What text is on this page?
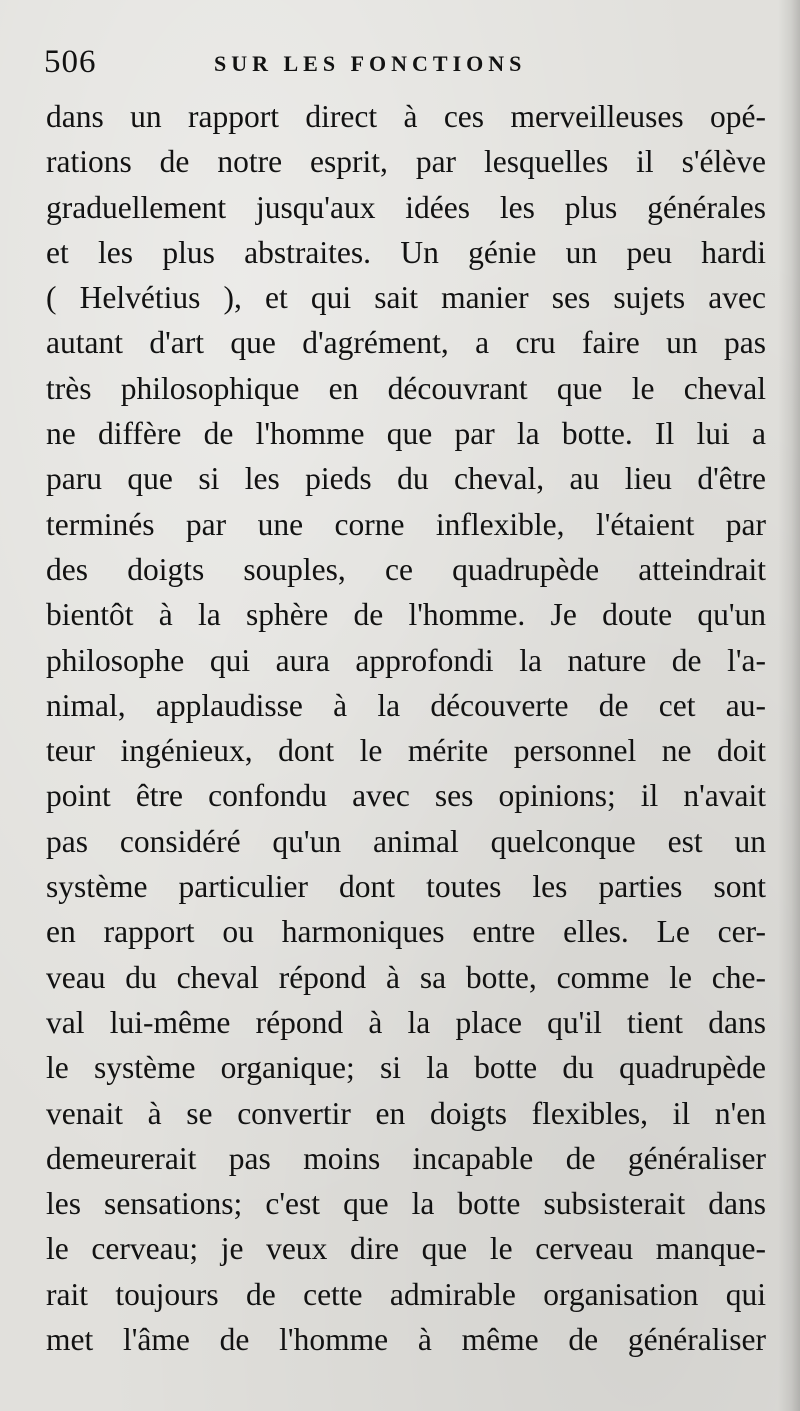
506	SUR LES FONCTIONS
dans un rapport direct à ces merveilleuses opé-
rations de notre esprit, par lesquelles il s'élève
graduellement jusqu'aux idées les plus générales
et les plus abstraites. Un génie un peu hardi
( Helvétius ), et qui sait manier ses sujets avec
autant d'art que d'agrément, a cru faire un pas
très philosophique en découvrant que le cheval
ne diffère de l'homme que par la botte. Il lui a
paru que si les pieds du cheval, au lieu d'être
terminés par une corne inflexible, l'étaient par
des doigts souples, ce quadrupède atteindrait
bientôt à la sphère de l'homme. Je doute qu'un
philosophe qui aura approfondi la nature de l'a-
nimal, applaudisse à la découverte de cet au-
teur ingénieux, dont le mérite personnel ne doit
point être confondu avec ses opinions; il n'avait
pas considéré qu'un animal quelconque est un
système particulier dont toutes les parties sont
en rapport ou harmoniques entre elles. Le cer-
veau du cheval répond à sa botte, comme le che-
val lui-même répond à la place qu'il tient dans
le système organique; si la botte du quadrupède
venait à se convertir en doigts flexibles, il n'en
demeurerait pas moins incapable de généraliser
les sensations; c'est que la botte subsisterait dans
le cerveau; je veux dire que le cerveau manque-
rait toujours de cette admirable organisation qui
met l'âme de l'homme à même de généraliser
